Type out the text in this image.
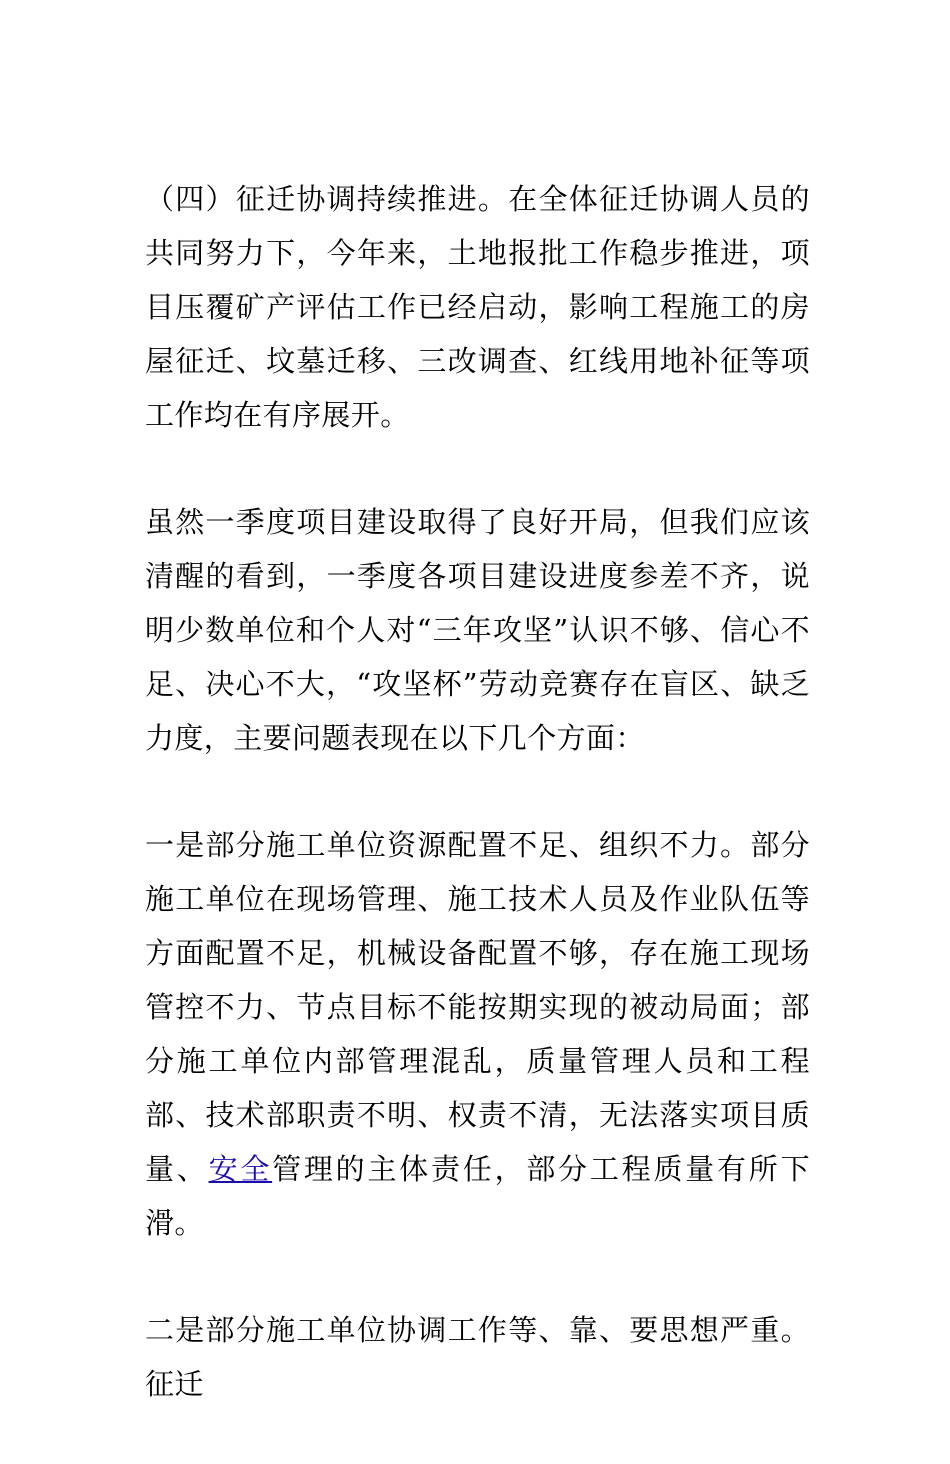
（四）征迁协调持续推进。在全体征迁协调人员的共同努力下，今年来，土地报批工作稳步推进，项目压覆矿产评估工作已经启动，影响工程施工的房屋征迁、坟墓迁移、三改调查、红线用地补征等项工作均在有序展开。

虽然一季度项目建设取得了良好开局，但我们应该清醒的看到，一季度各项目建设进度参差不齐，说明少数单位和个人对“三年攻坚”认识不够、信心不足、决心不大，“攻坚杯”劳动竞赛存在盲区、缺乏力度，主要问题表现在以下几个方面：

一是部分施工单位资源配置不足、组织不力。部分施工单位在现场管理、施工技术人员及作业队伍等方面配置不足，机械设备配置不够，存在施工现场管控不力、节点目标不能按期实现的被动局面；部分施工单位内部管理混乱，质量管理人员和工程部、技术部职责不明、权责不清，无法落实项目质量、安全管理的主体责任，部分工程质量有所下滑。

二是部分施工单位协调工作等、靠、要思想严重。征迁
